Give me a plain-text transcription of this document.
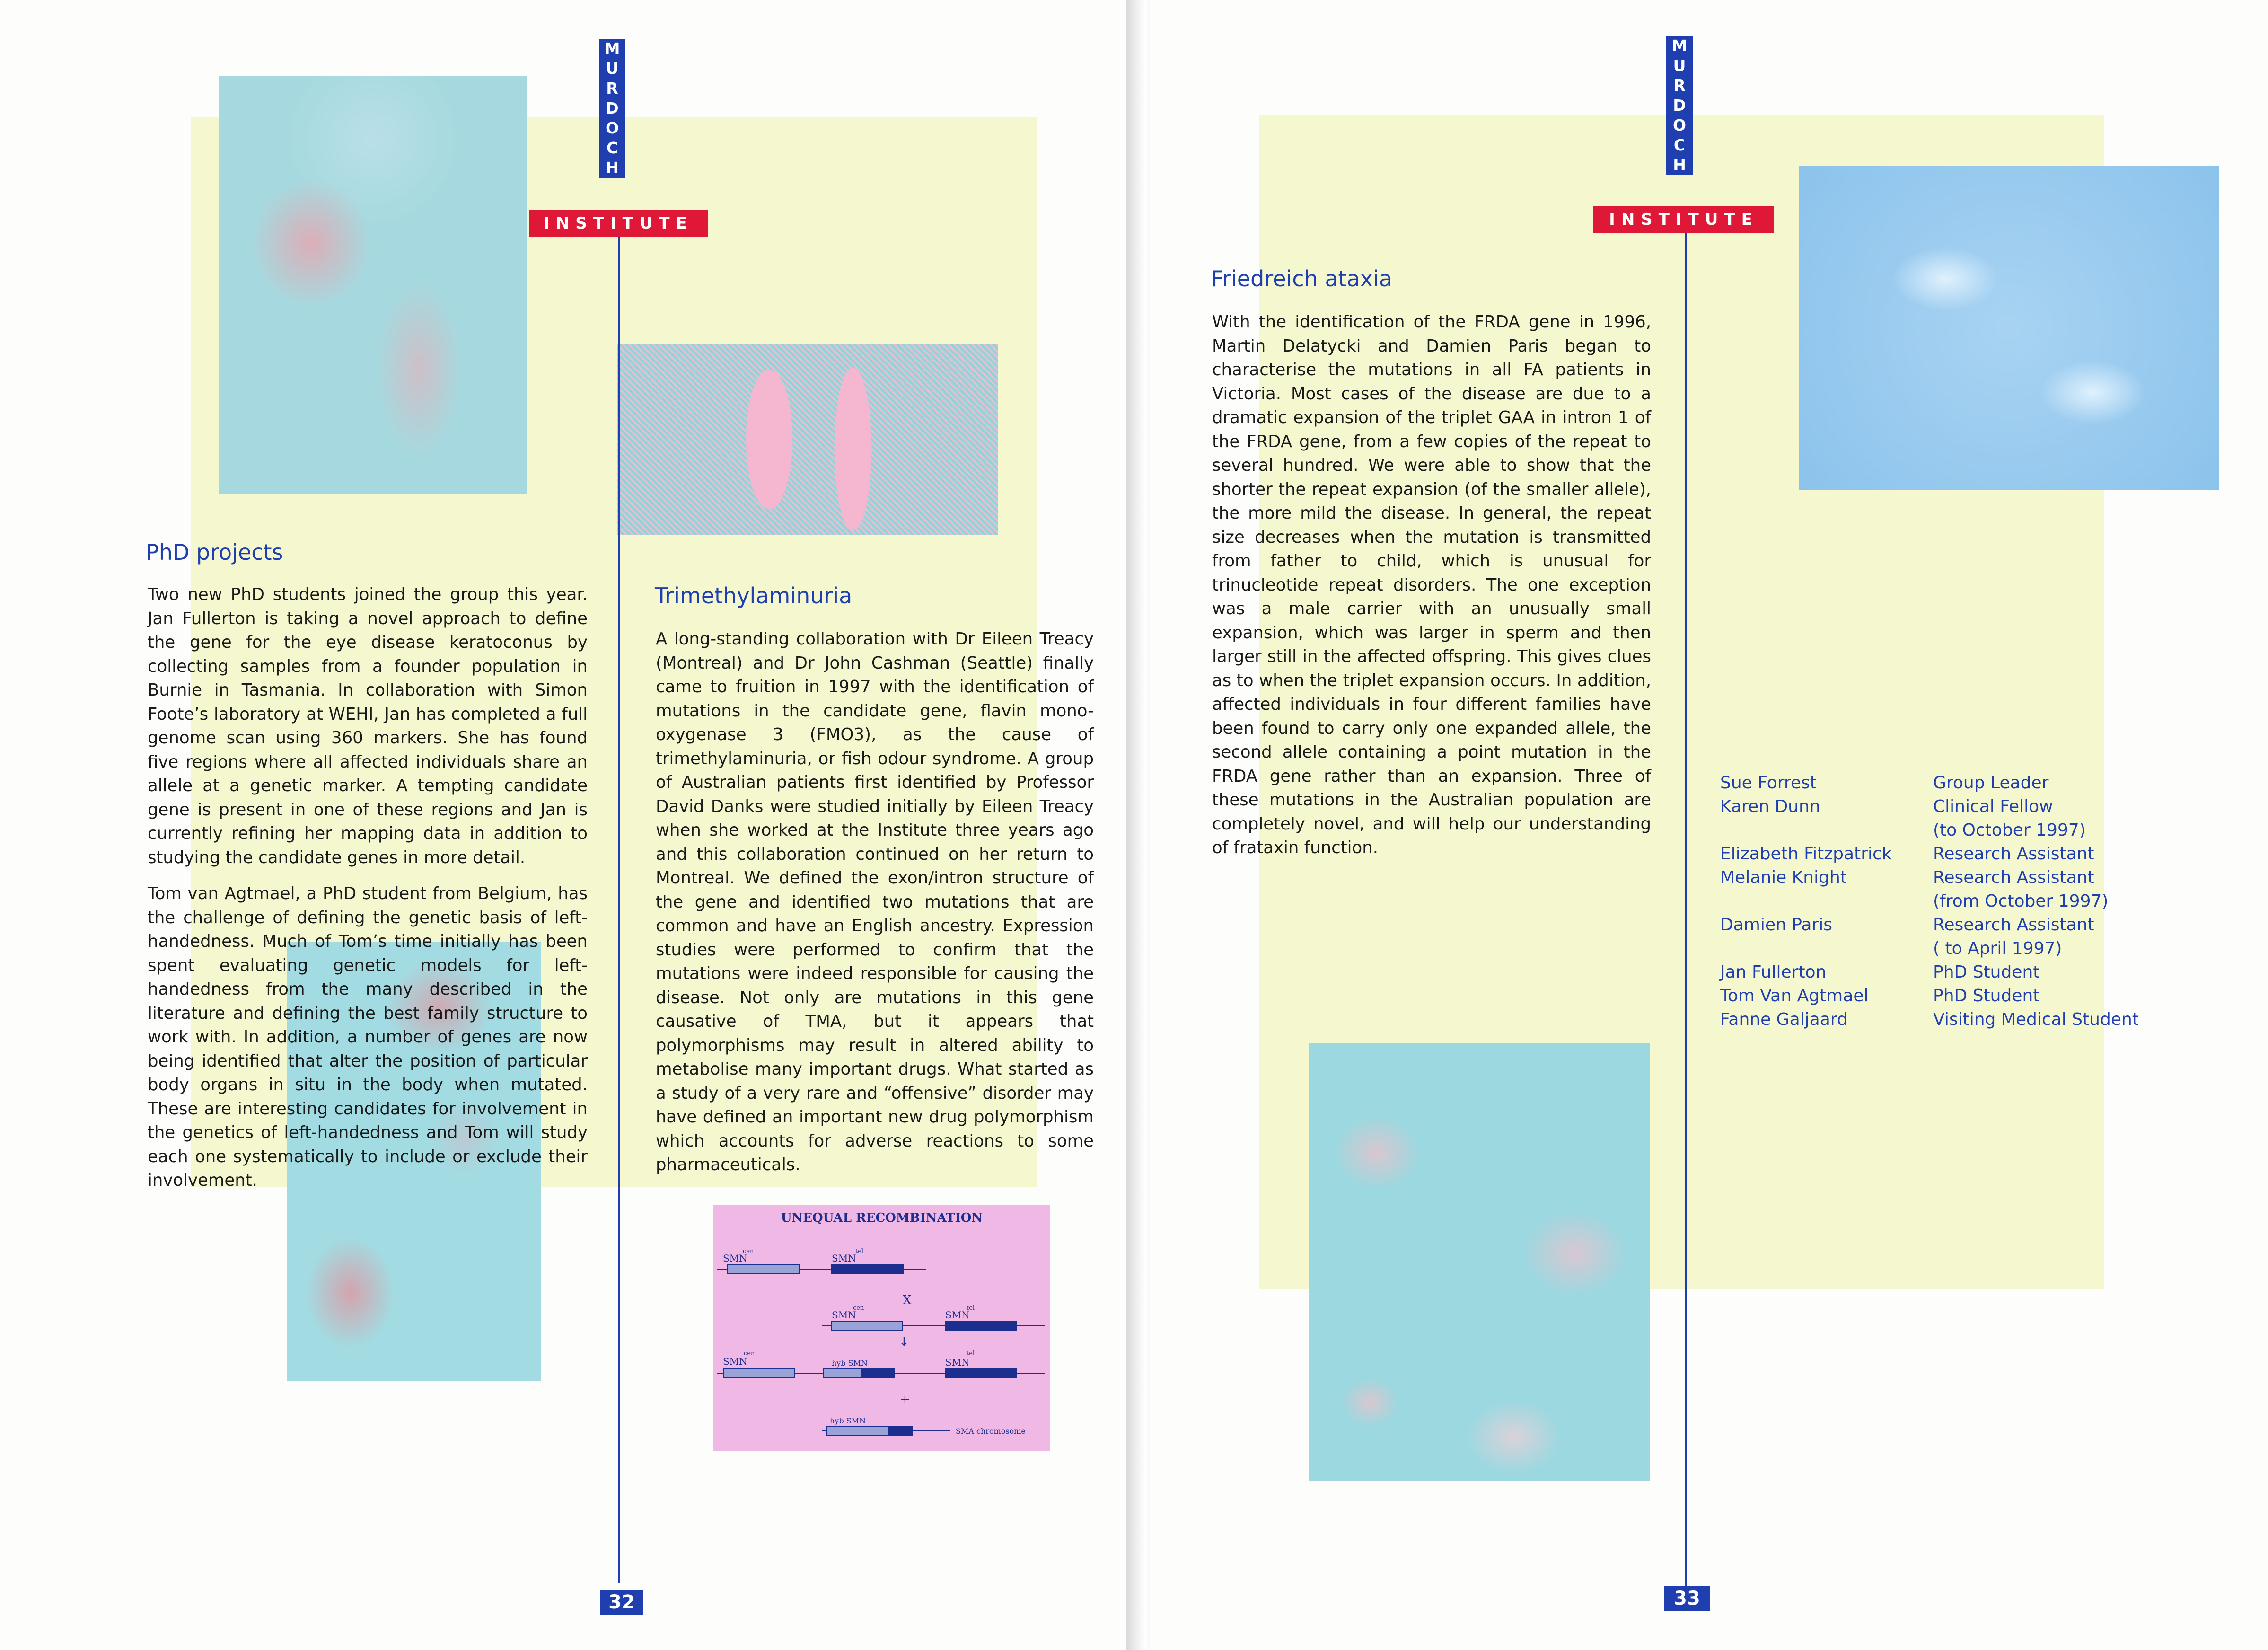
M
U
R
D
O
C
H
INSTITUTE
32
PhD projects

Two new PhD students joined the group this year. Jan Fullerton is taking a novel approach to define the gene for the eye disease keratoconus by collecting samples from a founder population in Burnie in Tasmania. In collaboration with Simon Foote’s laboratory at WEHI, Jan has completed a full genome scan using 360 markers. She has found five regions where all affected individuals share an allele at a genetic marker. A tempting candidate gene is present in one of these regions and Jan is currently refining her mapping data in addition to studying the candidate genes in more detail.

Tom van Agtmael, a PhD student from Belgium, has the challenge of defining the genetic basis of left-handedness. Much of Tom’s time initially has been spent evaluating genetic models for left-handedness from the many described in the literature and defining the best family structure to work with. In addition, a number of genes are now being identified that alter the position of particular body organs in situ in the body when mutated. These are interesting candidates for involvement in the genetics of left-handedness and Tom will study each one systematically to include or exclude their involvement.

Trimethylaminuria

A long-standing collaboration with Dr Eileen Treacy (Montreal) and Dr John Cashman (Seattle) finally came to fruition in 1997 with the identification of mutations in the candidate gene, flavin mono-oxygenase 3 (FMO3), as the cause of trimethylaminuria, or fish odour syndrome. A group of Australian patients first identified by Professor David Danks were studied initially by Eileen Treacy when she worked at the Institute three years ago and this collaboration continued on her return to Montreal. We defined the exon/intron structure of the gene and identified two mutations that are common and have an English ancestry. Expression studies were performed to confirm that the mutations were indeed responsible for causing the disease. Not only are mutations in this gene causative of TMA, but it appears that polymorphisms may result in altered ability to metabolise many important drugs. What started as a study of a very rare and “offensive” disorder may have defined an important new drug polymorphism which accounts for adverse reactions to some pharmaceuticals.

UNEQUAL RECOMBINATION
SMN
cen
SMN
tel
X
SMN
cen
SMN
tel
↓
SMN
cen
hyb SMN	SMN
tel
+
hyb SMN
SMA chromosome
M
U
R
D
O
C
H
INSTITUTE
33
Friedreich ataxia

With the identification of the FRDA gene in 1996, Martin Delatycki and Damien Paris began to characterise the mutations in all FA patients in Victoria. Most cases of the disease are due to a dramatic expansion of the triplet GAA in intron 1 of the FRDA gene, from a few copies of the repeat to several hundred. We were able to show that the shorter the repeat expansion (of the smaller allele), the more mild the disease. In general, the repeat size decreases when the mutation is transmitted from father to child, which is unusual for trinucleotide repeat disorders. The one exception was a male carrier with an unusually small expansion, which was larger in sperm and then larger still in the affected offspring. This gives clues as to when the triplet expansion occurs. In addition, affected individuals in four different families have been found to carry only one expanded allele, the second allele containing a point mutation in the FRDA gene rather than an expansion. Three of these mutations in the Australian population are completely novel, and will help our understanding of frataxin function.

Sue Forrest	Group Leader
Karen Dunn	Clinical Fellow
(to October 1997)
Elizabeth Fitzpatrick Research Assistant
Melanie Knight	Research Assistant
(from October 1997)
Damien Paris	Research Assistant
( to April 1997)
Jan Fullerton	PhD Student
Tom Van Agtmael	PhD Student
Fanne Galjaard	Visiting Medical Student
